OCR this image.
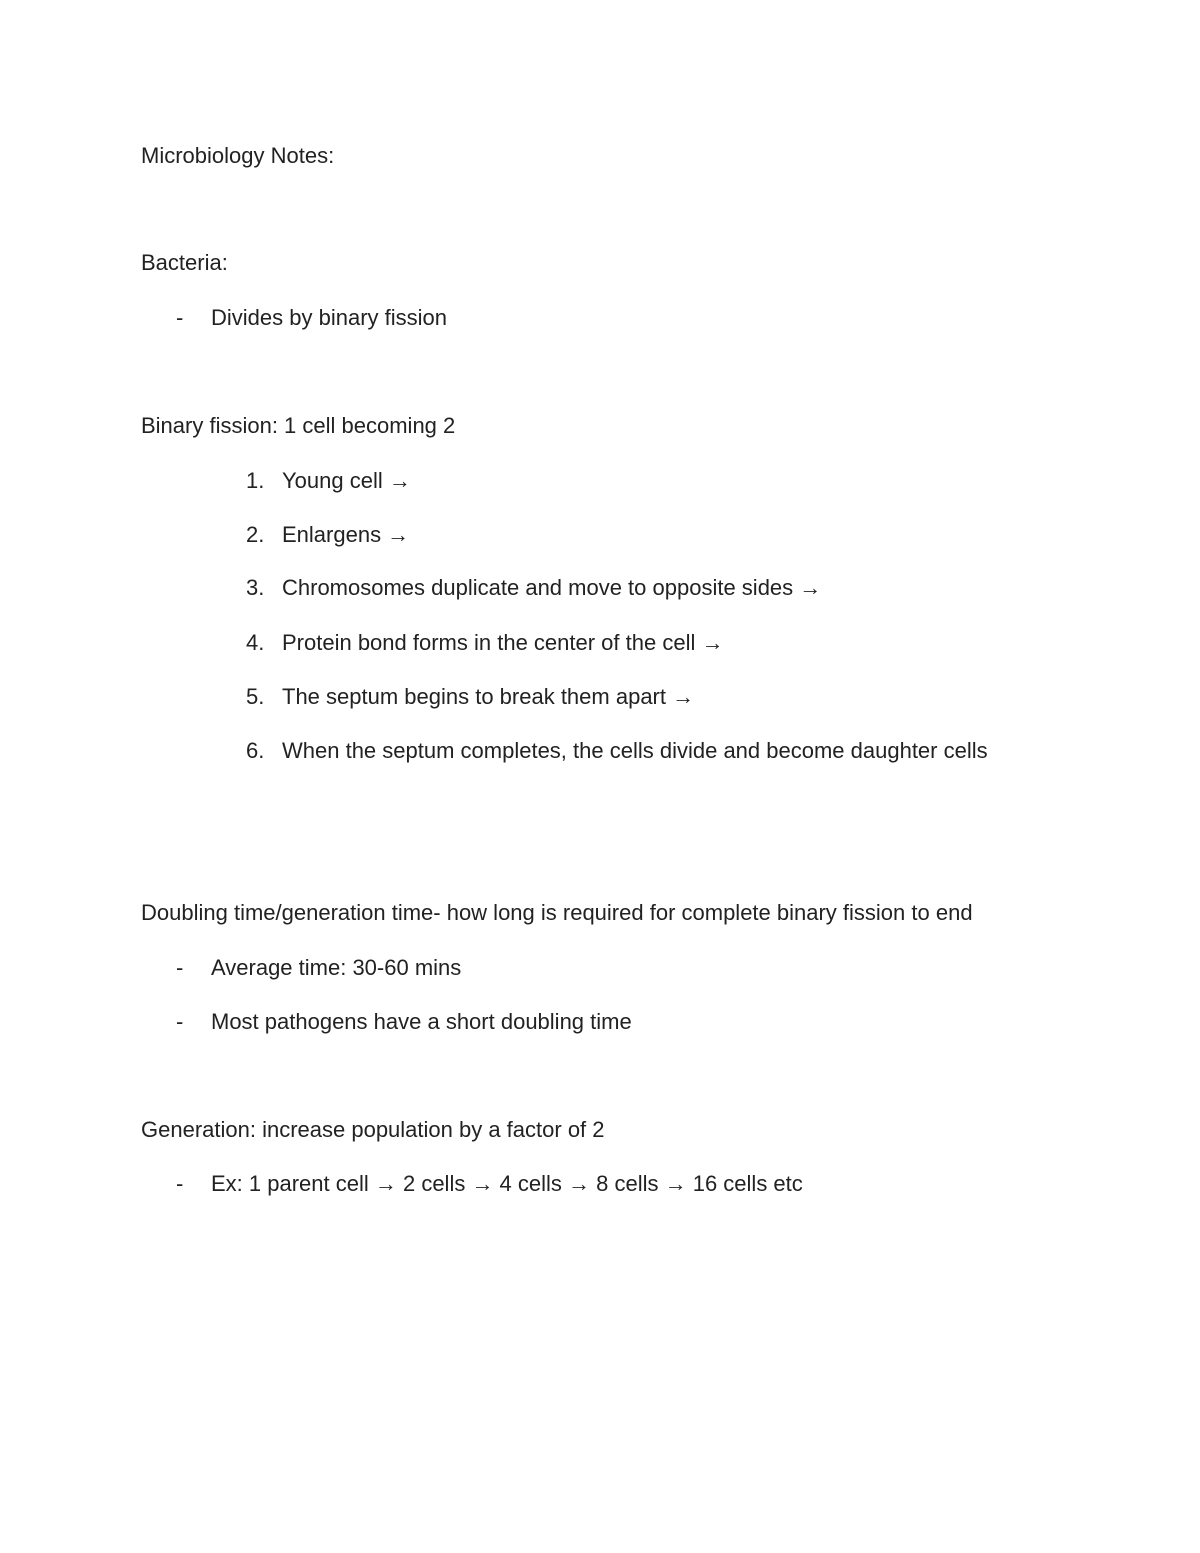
Microbiology Notes:
Bacteria:
- Divides by binary fission
Binary fission: 1 cell becoming 2
1. Young cell →
2. Enlargens →
3. Chromosomes duplicate and move to opposite sides →
4. Protein bond forms in the center of the cell →
5. The septum begins to break them apart →
6. When the septum completes, the cells divide and become daughter cells
Doubling time/generation time- how long is required for complete binary fission to end
- Average time: 30-60 mins
- Most pathogens have a short doubling time
Generation: increase population by a factor of 2
- Ex: 1 parent cell → 2 cells → 4 cells → 8 cells → 16 cells etc
